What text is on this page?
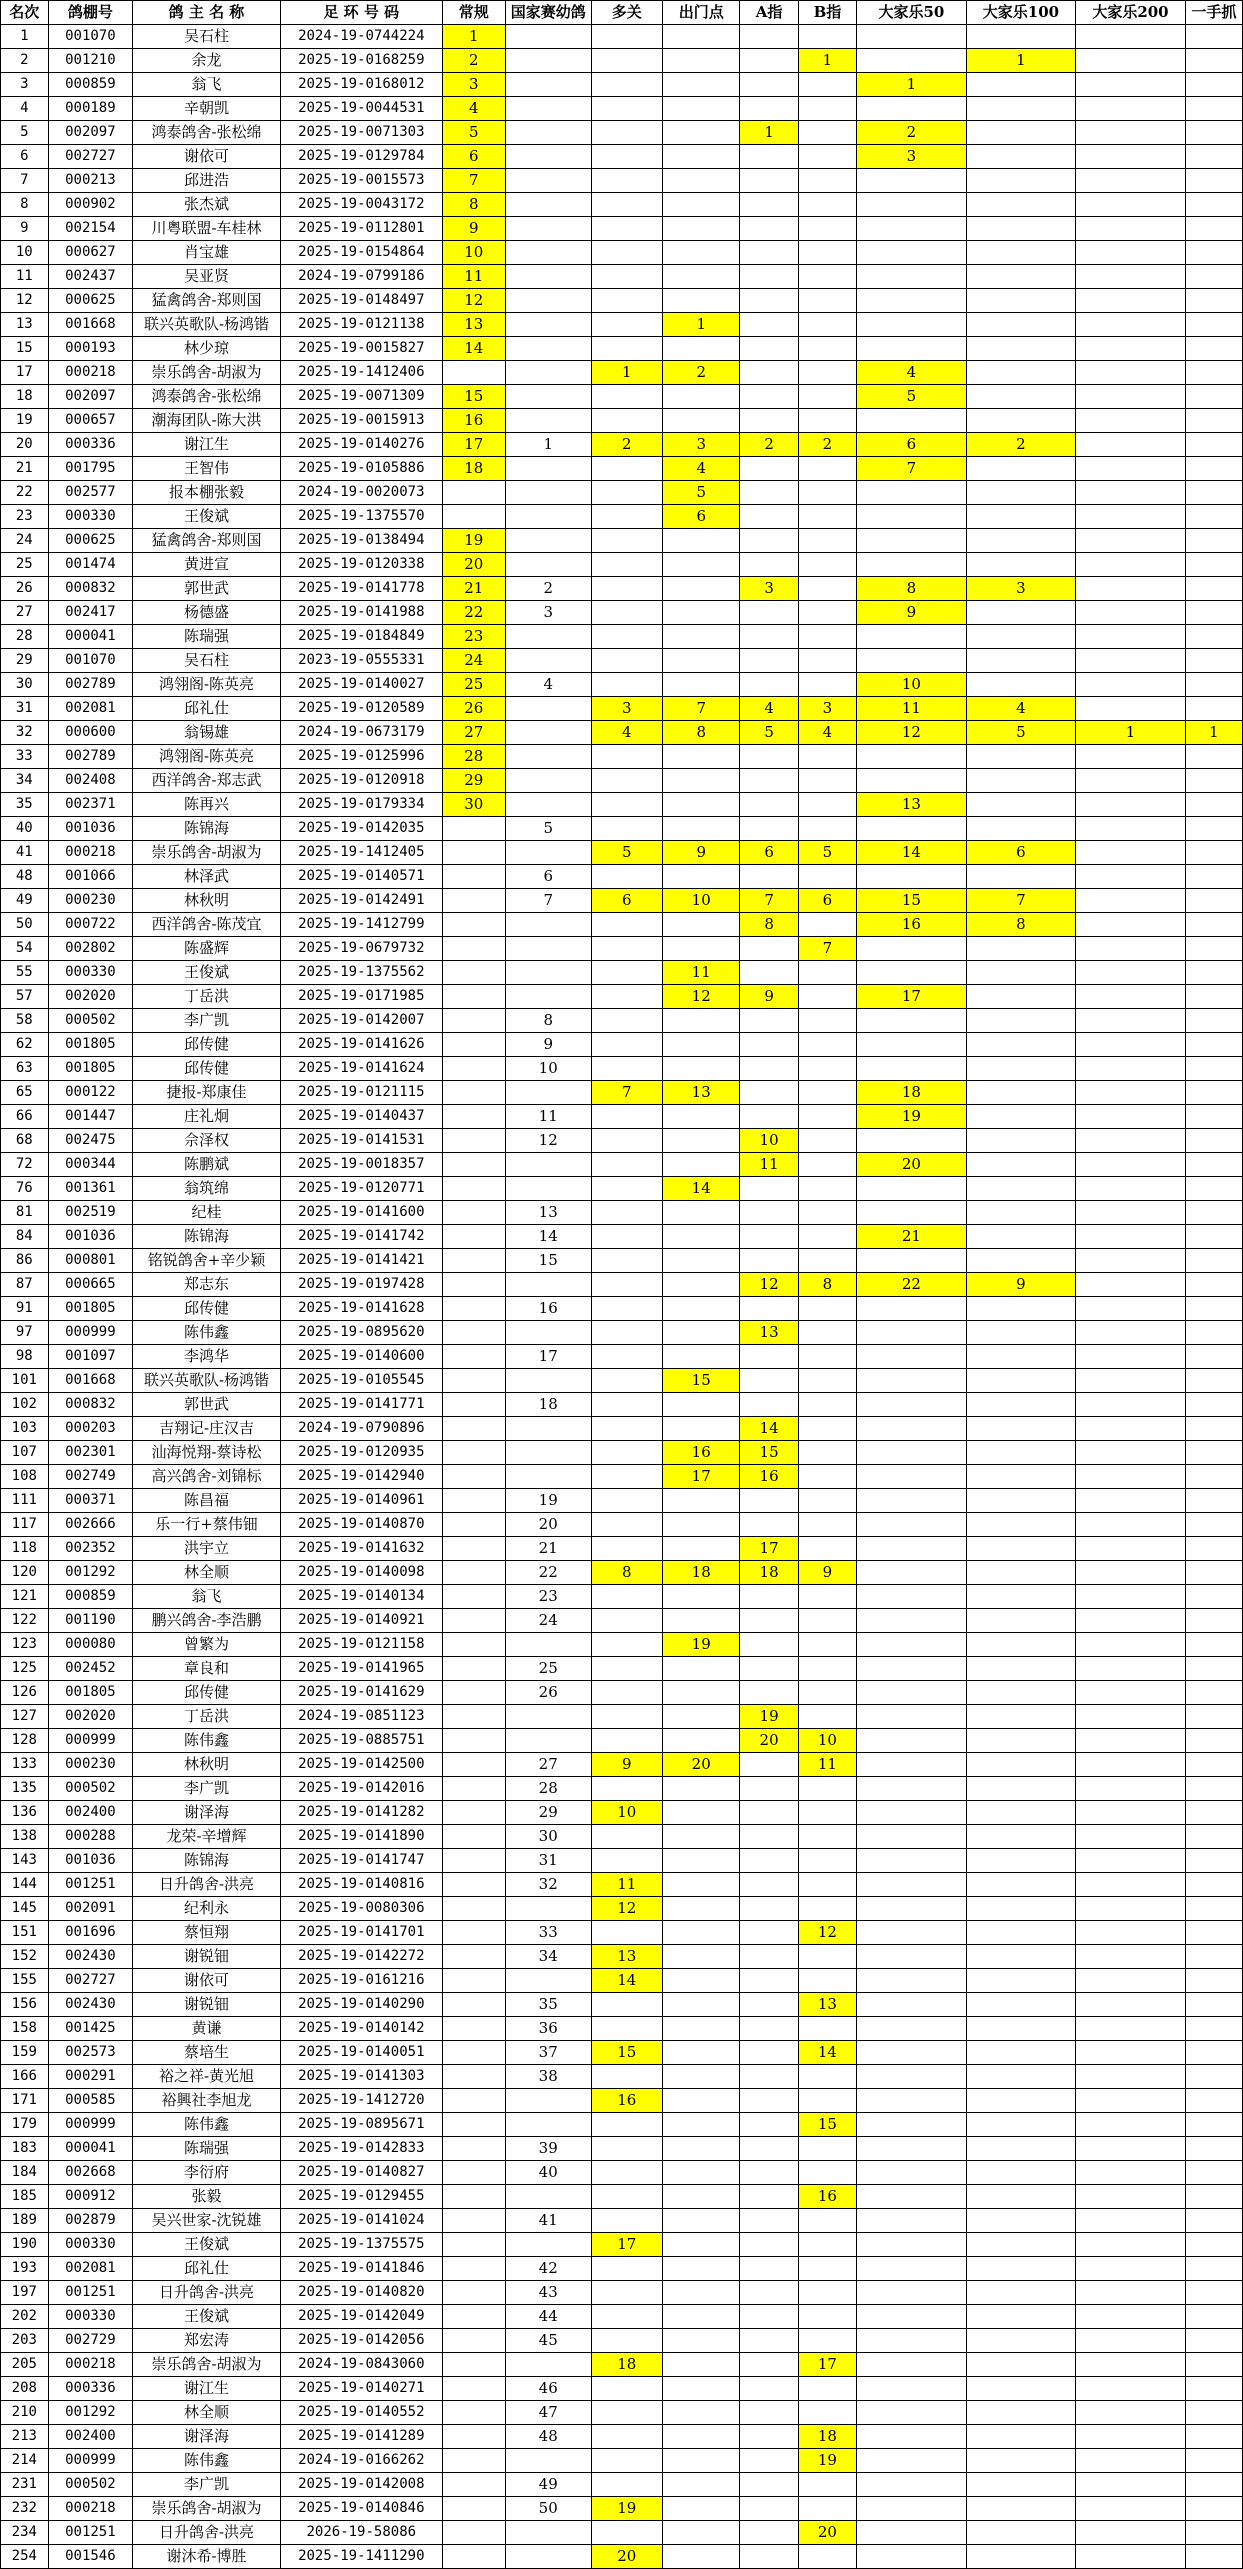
名次	鸽棚号	鸽 主 名 称	足 环 号 码	常规	国家赛幼鸽	多关	出门点	A指	B指	大家乐50	大家乐100	大家乐200	一手抓
1	001070	吴石柱	2024-19-0744224	1									
2	001210	余龙	2025-19-0168259	2					1		1		
3	000859	翁飞	2025-19-0168012	3						1			
4	000189	辛朝凯	2025-19-0044531	4									
5	002097	鸿泰鸽舍-张松绵	2025-19-0071303	5				1		2			
6	002727	谢依可	2025-19-0129784	6						3			
7	000213	邱进浩	2025-19-0015573	7									
8	000902	张杰斌	2025-19-0043172	8									
9	002154	川粤联盟-车桂林	2025-19-0112801	9									
10	000627	肖宝雄	2025-19-0154864	10									
11	002437	吴亚贤	2024-19-0799186	11									
12	000625	猛禽鸽舍-郑则国	2025-19-0148497	12									
13	001668	联兴英歌队-杨鸿锴	2025-19-0121138	13			1						
15	000193	林少琼	2025-19-0015827	14									
17	000218	崇乐鸽舍-胡淑为	2025-19-1412406			1	2			4			
18	002097	鸿泰鸽舍-张松绵	2025-19-0071309	15						5			
19	000657	潮海团队-陈大洪	2025-19-0015913	16									
20	000336	谢江生	2025-19-0140276	17	1	2	3	2	2	6	2		
21	001795	王智伟	2025-19-0105886	18			4			7			
22	002577	报本棚张毅	2024-19-0020073				5						
23	000330	王俊斌	2025-19-1375570				6						
24	000625	猛禽鸽舍-郑则国	2025-19-0138494	19									
25	001474	黄进宣	2025-19-0120338	20									
26	000832	郭世武	2025-19-0141778	21	2			3		8	3		
27	002417	杨德盛	2025-19-0141988	22	3					9			
28	000041	陈瑞强	2025-19-0184849	23									
29	001070	吴石柱	2023-19-0555331	24									
30	002789	鸿翎阁-陈英亮	2025-19-0140027	25	4					10			
31	002081	邱礼仕	2025-19-0120589	26		3	7	4	3	11	4		
32	000600	翁锡雄	2024-19-0673179	27		4	8	5	4	12	5	1	1
33	002789	鸿翎阁-陈英亮	2025-19-0125996	28									
34	002408	西洋鸽舍-郑志武	2025-19-0120918	29									
35	002371	陈再兴	2025-19-0179334	30						13			
40	001036	陈锦海	2025-19-0142035		5								
41	000218	崇乐鸽舍-胡淑为	2025-19-1412405			5	9	6	5	14	6		
48	001066	林泽武	2025-19-0140571		6								
49	000230	林秋明	2025-19-0142491		7	6	10	7	6	15	7		
50	000722	西洋鸽舍-陈茂宜	2025-19-1412799					8		16	8		
54	002802	陈盛辉	2025-19-0679732						7				
55	000330	王俊斌	2025-19-1375562				11						
57	002020	丁岳洪	2025-19-0171985				12	9		17			
58	000502	李广凯	2025-19-0142007		8								
62	001805	邱传健	2025-19-0141626		9								
63	001805	邱传健	2025-19-0141624		10								
65	000122	捷报-郑康佳	2025-19-0121115			7	13			18			
66	001447	庄礼炯	2025-19-0140437		11					19			
68	002475	佘泽权	2025-19-0141531		12			10					
72	000344	陈鹏斌	2025-19-0018357					11		20			
76	001361	翁筑绵	2025-19-0120771				14						
81	002519	纪桂	2025-19-0141600		13								
84	001036	陈锦海	2025-19-0141742		14					21			
86	000801	铭锐鸽舍+辛少颖	2025-19-0141421		15								
87	000665	郑志东	2025-19-0197428					12	8	22	9		
91	001805	邱传健	2025-19-0141628		16								
97	000999	陈伟鑫	2025-19-0895620					13					
98	001097	李鸿华	2025-19-0140600		17								
101	001668	联兴英歌队-杨鸿锴	2025-19-0105545				15						
102	000832	郭世武	2025-19-0141771		18								
103	000203	吉翔记-庄汉吉	2024-19-0790896					14					
107	002301	汕海悦翔-蔡诗松	2025-19-0120935				16	15					
108	002749	高兴鸽舍-刘锦标	2025-19-0142940				17	16					
111	000371	陈昌福	2025-19-0140961		19								
117	002666	乐一行+蔡伟钿	2025-19-0140870		20								
118	002352	洪宇立	2025-19-0141632		21			17					
120	001292	林全顺	2025-19-0140098		22	8	18	18	9				
121	000859	翁飞	2025-19-0140134		23								
122	001190	鹏兴鸽舍-李浩鹏	2025-19-0140921		24								
123	000080	曾繁为	2025-19-0121158				19						
125	002452	章良和	2025-19-0141965		25								
126	001805	邱传健	2025-19-0141629		26								
127	002020	丁岳洪	2024-19-0851123					19					
128	000999	陈伟鑫	2025-19-0885751					20	10				
133	000230	林秋明	2025-19-0142500		27	9	20		11				
135	000502	李广凯	2025-19-0142016		28								
136	002400	谢泽海	2025-19-0141282		29	10							
138	000288	龙荣-辛增辉	2025-19-0141890		30								
143	001036	陈锦海	2025-19-0141747		31								
144	001251	日升鸽舍-洪亮	2025-19-0140816		32	11							
145	002091	纪利永	2025-19-0080306			12							
151	001696	蔡恒翔	2025-19-0141701		33				12				
152	002430	谢锐钿	2025-19-0142272		34	13							
155	002727	谢依可	2025-19-0161216			14							
156	002430	谢锐钿	2025-19-0140290		35				13				
158	001425	黄谦	2025-19-0140142		36								
159	002573	蔡培生	2025-19-0140051		37	15			14				
166	000291	裕之祥-黄光旭	2025-19-0141303		38								
171	000585	裕興社李旭龙	2025-19-1412720			16							
179	000999	陈伟鑫	2025-19-0895671						15				
183	000041	陈瑞强	2025-19-0142833		39								
184	002668	李衍府	2025-19-0140827		40								
185	000912	张毅	2025-19-0129455						16				
189	002879	吴兴世家-沈锐雄	2025-19-0141024		41								
190	000330	王俊斌	2025-19-1375575			17							
193	002081	邱礼仕	2025-19-0141846		42								
197	001251	日升鸽舍-洪亮	2025-19-0140820		43								
202	000330	王俊斌	2025-19-0142049		44								
203	002729	郑宏涛	2025-19-0142056		45								
205	000218	崇乐鸽舍-胡淑为	2024-19-0843060			18			17				
208	000336	谢江生	2025-19-0140271		46								
210	001292	林全顺	2025-19-0140552		47								
213	002400	谢泽海	2025-19-0141289		48				18				
214	000999	陈伟鑫	2024-19-0166262						19				
231	000502	李广凯	2025-19-0142008		49								
232	000218	崇乐鸽舍-胡淑为	2025-19-0140846		50	19							
234	001251	日升鸽舍-洪亮	2026-19-58086						20				
254	001546	谢沐希-博胜	2025-19-1411290			20							
